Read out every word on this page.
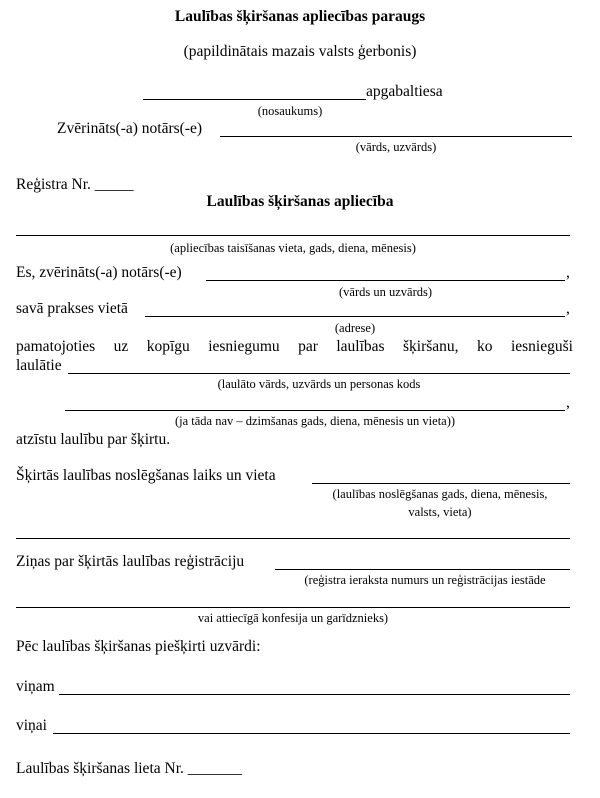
Laulības šķiršanas apliecības paraugs
(papildinātais mazais valsts ģerbonis)
apgabaltiesa
(nosaukums)
Zvērināts(-a) notārs(-e)
(vārds, uzvārds)
Reģistra Nr. _____
Laulības šķiršanas apliecība
(apliecības taisīšanas vieta, gads, diena, mēnesis)
Es, zvērināts(-a) notārs(-e)	,
(vārds un uzvārds)
savā prakses vietā	,
(adrese)
pamatojoties uz kopīgu iesniegumu par laulības šķiršanu, ko iesnieguši
laulātie
(laulāto vārds, uzvārds un personas kods
,
(ja tāda nav – dzimšanas gads, diena, mēnesis un vieta))
atzīstu laulību par šķirtu.
Šķirtās laulības noslēgšanas laiks un vieta
(laulības noslēgšanas gads, diena, mēnesis,
valsts, vieta)
Ziņas par šķirtās laulības reģistrāciju
(reģistra ieraksta numurs un reģistrācijas iestāde
vai attiecīgā konfesija un garīdznieks)
Pēc laulības šķiršanas piešķirti uzvārdi:
viņam
viņai
Laulības šķiršanas lieta Nr. _______
